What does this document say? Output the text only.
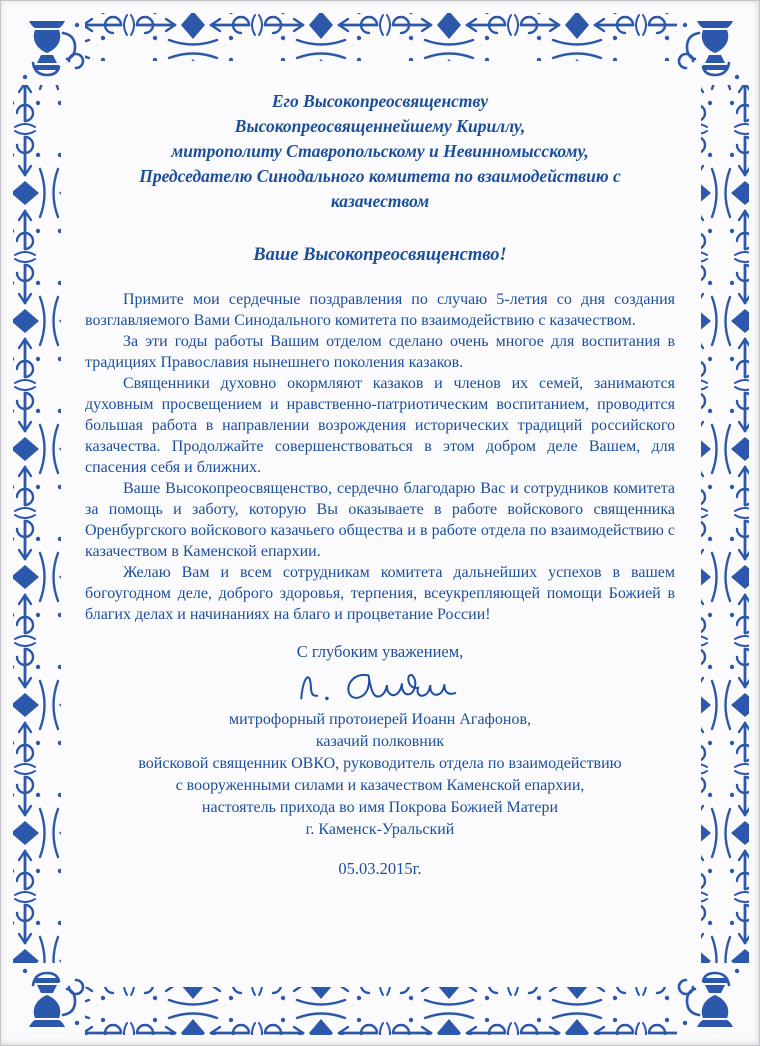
Его Высокопреосвященству
Высокопреосвященнейшему Кириллу,
митрополиту Ставропольскому и Невинномысскому,
Председателю Синодального комитета по взаимодействию с
казачеством
Ваше Высокопреосвященство!

Примите мои сердечные поздравления по случаю 5-летия со дня создания возглавляемого Вами Синодального комитета по взаимодействию с казачеством.

За эти годы работы Вашим отделом сделано очень многое для воспитания в традициях Православия нынешнего поколения казаков.

Священники духовно окормляют казаков и членов их семей, занимаются духовным просвещением и нравственно-патриотическим воспитанием, проводится большая работа в направлении возрождения исторических традиций российского казачества. Продолжайте совершенствоваться в этом добром деле Вашем, для спасения себя и ближних.

Ваше Высокопреосвященство, сердечно благодарю Вас и сотрудников комитета за помощь и заботу, которую Вы оказываете в работе войскового священника Оренбургского войскового казачьего общества и в работе отдела по взаимодействию с казачеством в Каменской епархии.

Желаю Вам и всем сотрудникам комитета дальнейших успехов в вашем богоугодном деле, доброго здоровья, терпения, всеукрепляющей помощи Божией в благих делах и начинаниях на благо и процветание России!

С глубоким уважением,
митрофорный протоиерей Иоанн Агафонов,
казачий полковник
войсковой священник ОВКО, руководитель отдела по взаимодействию
с вооруженными силами и казачеством Каменской епархии,
настоятель прихода во имя Покрова Божией Матери
г. Каменск-Уральский
05.03.2015г.
